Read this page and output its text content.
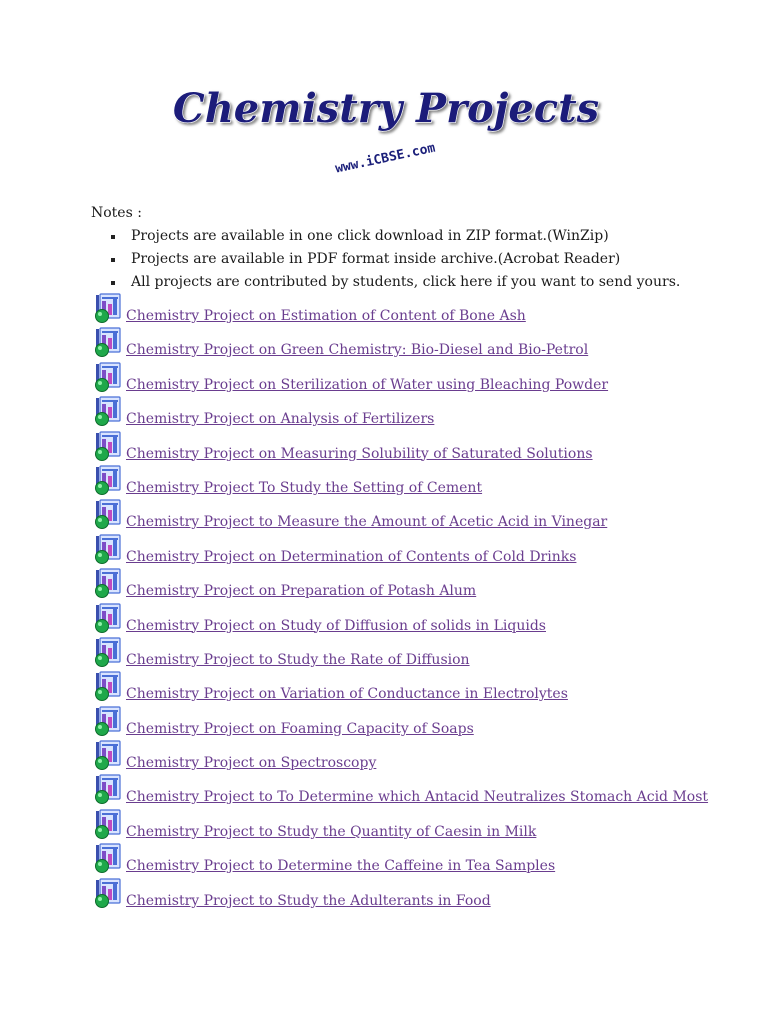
Chemistry Projects
www.iCBSE.com

Notes :

Projects are available in one click download in ZIP format.(WinZip)
Projects are available in PDF format inside archive.(Acrobat Reader)
All projects are contributed by students, click here if you want to send yours.
Chemistry Project on Estimation of Content of Bone Ash
Chemistry Project on Green Chemistry: Bio-Diesel and Bio-Petrol
Chemistry Project on Sterilization of Water using Bleaching Powder
Chemistry Project on Analysis of Fertilizers
Chemistry Project on Measuring Solubility of Saturated Solutions
Chemistry Project To Study the Setting of Cement
Chemistry Project to Measure the Amount of Acetic Acid in Vinegar
Chemistry Project on Determination of Contents of Cold Drinks
Chemistry Project on Preparation of Potash Alum
Chemistry Project on Study of Diffusion of solids in Liquids
Chemistry Project to Study the Rate of Diffusion
Chemistry Project on Variation of Conductance in Electrolytes
Chemistry Project on Foaming Capacity of Soaps
Chemistry Project on Spectroscopy
Chemistry Project to To Determine which Antacid Neutralizes Stomach Acid Most
Chemistry Project to Study the Quantity of Caesin in Milk
Chemistry Project to Determine the Caffeine in Tea Samples
Chemistry Project to Study the Adulterants in Food
